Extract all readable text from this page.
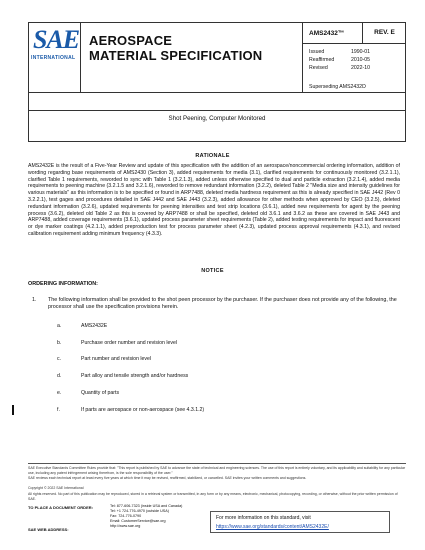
SAE
INTERNATIONAL
AEROSPACE
MATERIAL SPECIFICATION
AMS2432™	REV. E
Issued	1990-01
Reaffirmed	2010-05
Revised	2022-10
Superseding AMS2432D
Shot Peening, Computer Monitored
RATIONALE
AMS2432E is the result of a Five-Year Review and update of this specification with the addition of an aerospace/noncommercial ordering information, addition of wording regarding base requirements of AMS2430 (Section 3), added requirements for media (3.1), clarified requirements for continuously monitored (3.2.1.1), clarified Table 1 requirements, reworded to sync with Table 1 (3.2.1.3), added unless otherwise specified to dual and particle extraction (3.2.1.4), added media requirements to peening machine (3.2.1.5 and 3.2.1.6), reworded to remove redundant information (3.2.2), deleted Table 2 "Media size and intensity guidelines for various materials" as this information is to be specified or found in ARP7488, deleted media hardness requirement as this is already specified in SAE J442 (Rev 0 3.2.2.1), test gages and procedures detailed in SAE J442 and SAE J443 (3.2.3), added allowance for other methods when approved by CEO (3.2.5), deleted redundant information (3.2.6), updated requirements for peening intensities and test strip locations (3.6.1), added new requirements for agent by the peening process (3.6.2), deleted old Table 2 as this is covered by ARP7488 or shall be specified, deleted old 3.6.1 and 3.6.2 as these are covered in SAE J443 and ARP7488, added coverage requirements (3.6.1), updated process parameter sheet requirements (Table 2), added testing requirements for impact and fluorescent or dye marker coatings (4.2.1.1), added preproduction test for process parameter sheet (4.2.3), updated process approval requirements (4.3.1), and revised calibration requirement adding minimum frequency (4.3.3).
NOTICE
ORDERING INFORMATION:
1. The following information shall be provided to the shot peen processor by the purchaser. If the purchaser does not provide any of the following, the processor shall use the specification provisions herein.
a.	AMS2432E
b.	Purchase order number and revision level
c.	Part number and revision level
d.	Part alloy and tensile strength and/or hardness
e.	Quantity of parts
f.	If parts are aerospace or non-aerospace (see 4.3.1.2)
SAE Executive Standards Committee Rules provide that: "This report is published by SAE to advance the state of technical and engineering sciences. The use of this report is entirely voluntary, and its applicability and suitability for any particular use, including any patent infringement arising therefrom, is the sole responsibility of the user."
SAE reviews each technical report at least every five years at which time it may be revised, reaffirmed, stabilized, or cancelled. SAE invites your written comments and suggestions.
Copyright © 2022 SAE International
All rights reserved. No part of this publication may be reproduced, stored in a retrieval system or transmitted, in any form or by any means, electronic, mechanical, photocopying, recording, or otherwise, without the prior written permission of SAE.
TO PLACE A DOCUMENT ORDER:	Tel: 877-606-7323 (inside USA and Canada)
Tel: +1 724-776-4970 (outside USA)
Fax: 724-776-0790
Email: CustomerService@sae.org
http://www.sae.org
SAE WEB ADDRESS:
For more information on this standard, visit
https://www.sae.org/standards/content/AMS2432E/
